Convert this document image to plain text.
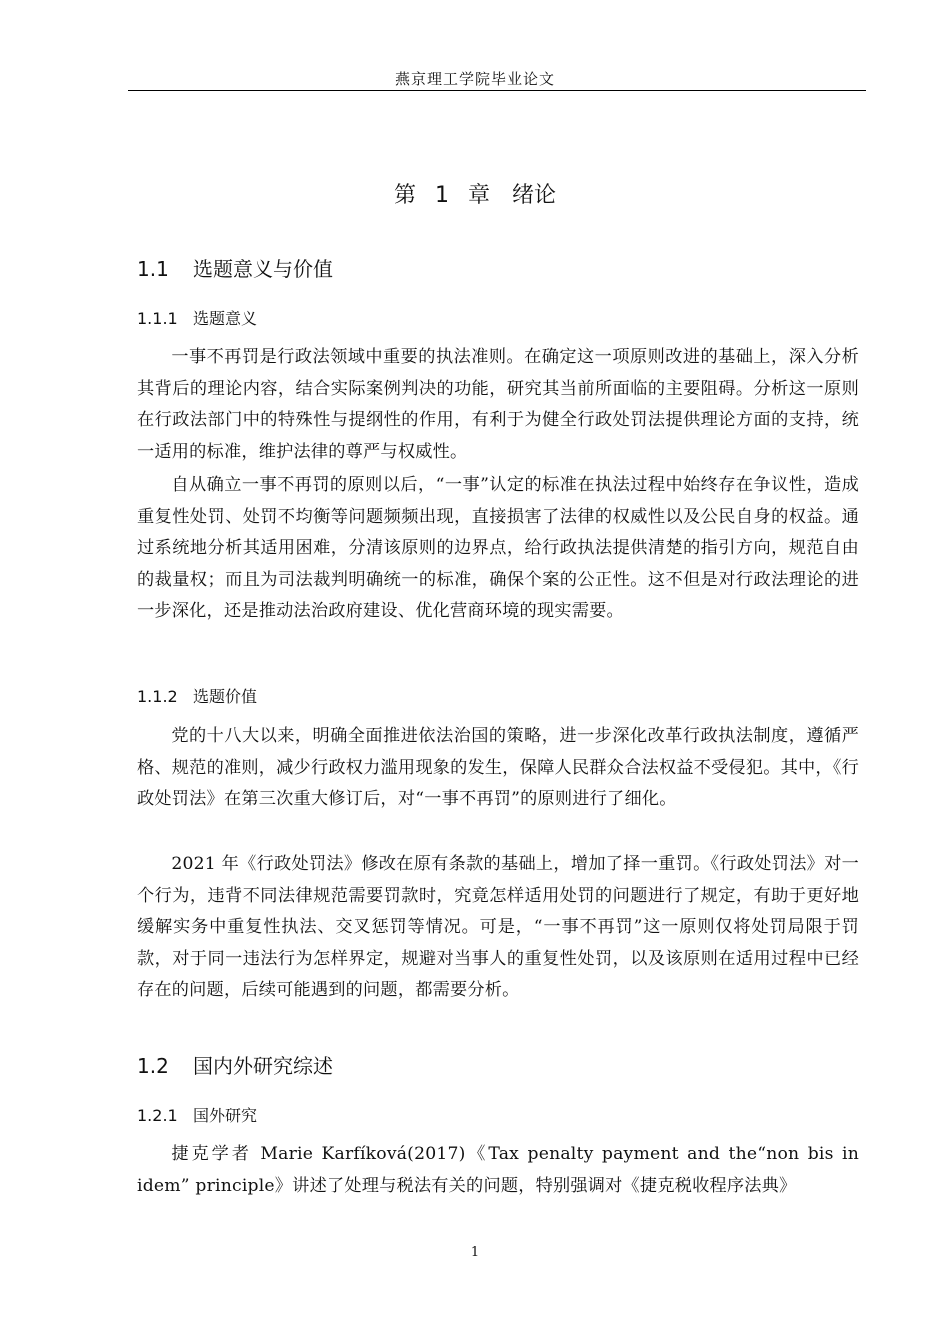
燕京理工学院毕业论文
第 1 章　绪论
1.1 选题意义与价值
1.1.1 选题意义

一事不再罚是行政法领域中重要的执法准则。在确定这一项原则改进的基础上，深入分析其背后的理论内容，结合实际案例判决的功能，研究其当前所面临的主要阻碍。分析这一原则在行政法部门中的特殊性与提纲性的作用，有利于为健全行政处罚法提供理论方面的支持，统一适用的标准，维护法律的尊严与权威性。

自从确立一事不再罚的原则以后，“一事”认定的标准在执法过程中始终存在争议性，造成重复性处罚、处罚不均衡等问题频频出现，直接损害了法律的权威性以及公民自身的权益。通过系统地分析其适用困难，分清该原则的边界点，给行政执法提供清楚的指引方向，规范自由的裁量权；而且为司法裁判明确统一的标准，确保个案的公正性。这不但是对行政法理论的进一步深化，还是推动法治政府建设、优化营商环境的现实需要。

1.1.2 选题价值

党的十八大以来，明确全面推进依法治国的策略，进一步深化改革行政执法制度，遵循严格、规范的准则，减少行政权力滥用现象的发生，保障人民群众合法权益不受侵犯。其中，《行政处罚法》在第三次重大修订后，对“一事不再罚”的原则进行了细化。

2021 年《行政处罚法》修改在原有条款的基础上，增加了择一重罚。《行政处罚法》对一个行为，违背不同法律规范需要罚款时，究竟怎样适用处罚的问题进行了规定，有助于更好地缓解实务中重复性执法、交叉惩罚等情况。可是，“一事不再罚”这一原则仅将处罚局限于罚款，对于同一违法行为怎样界定，规避对当事人的重复性处罚，以及该原则在适用过程中已经存在的问题，后续可能遇到的问题，都需要分析。

1.2 国内外研究综述
1.2.1 国外研究

捷克学者 Marie Karfíková(2017)《Tax penalty payment and the“non bis in idem” principle》讲述了处理与税法有关的问题，特别强调对《捷克税收程序法典》

1
